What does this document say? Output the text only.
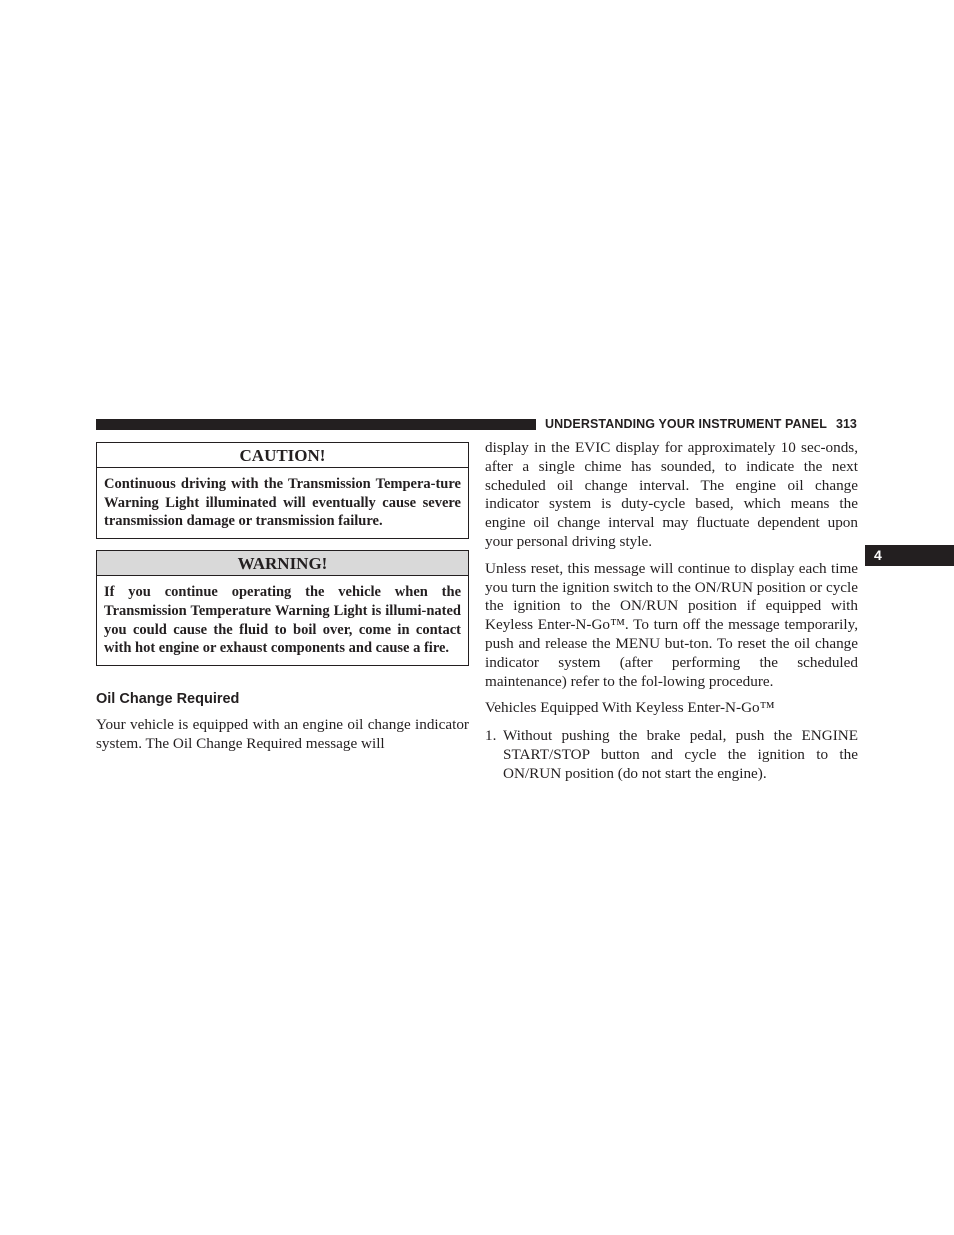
UNDERSTANDING YOUR INSTRUMENT PANEL 313
4
CAUTION!
Continuous driving with the Transmission Tempera-ture Warning Light illuminated will eventually cause severe transmission damage or transmission failure.
WARNING!
If you continue operating the vehicle when the Transmission Temperature Warning Light is illumi-nated you could cause the fluid to boil over, come in contact with hot engine or exhaust components and cause a fire.
Oil Change Required

Your vehicle is equipped with an engine oil change indicator system. The Oil Change Required message will

display in the EVIC display for approximately 10 sec-onds, after a single chime has sounded, to indicate the next scheduled oil change interval. The engine oil change indicator system is duty-cycle based, which means the engine oil change interval may fluctuate dependent upon your personal driving style.

Unless reset, this message will continue to display each time you turn the ignition switch to the ON/RUN position or cycle the ignition to the ON/RUN position if equipped with Keyless Enter-N-Go™. To turn off the message temporarily, push and release the MENU but-ton. To reset the oil change indicator system (after performing the scheduled maintenance) refer to the fol-lowing procedure.

Vehicles Equipped With Keyless Enter-N-Go™

1. Without pushing the brake pedal, push the ENGINE START/STOP button and cycle the ignition to the ON/RUN position (do not start the engine).
